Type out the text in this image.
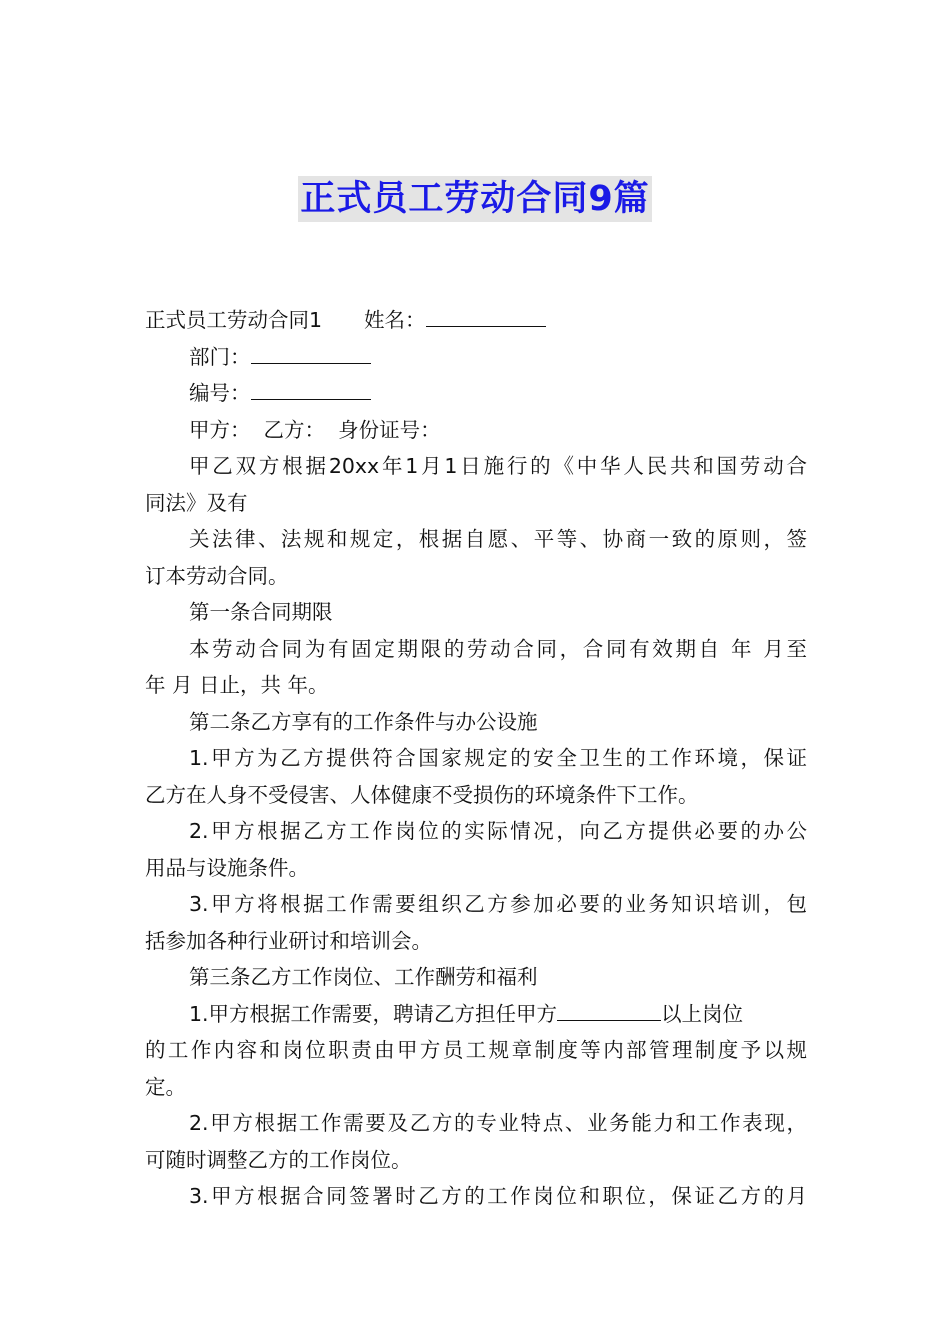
正式员工劳动合同9篇
正式员工劳动合同1 姓名：
部门：
编号：
甲方：  乙方：  身份证号：
甲乙双方根据20xx年1月1日施行的《中华人民共和国劳动合
同法》及有
关法律、法规和规定，根据自愿、平等、协商一致的原则，签
订本劳动合同。
第一条合同期限
本劳动合同为有固定期限的劳动合同，合同有效期自 年 月至
年 月 日止，共 年。
第二条乙方享有的工作条件与办公设施
1.甲方为乙方提供符合国家规定的安全卫生的工作环境，保证
乙方在人身不受侵害、人体健康不受损伤的环境条件下工作。
2.甲方根据乙方工作岗位的实际情况，向乙方提供必要的办公
用品与设施条件。
3.甲方将根据工作需要组织乙方参加必要的业务知识培训，包
括参加各种行业研讨和培训会。
第三条乙方工作岗位、工作酬劳和福利
1.甲方根据工作需要，聘请乙方担任甲方	以上岗位
的工作内容和岗位职责由甲方员工规章制度等内部管理制度予以规
定。
2.甲方根据工作需要及乙方的专业特点、业务能力和工作表现，
可随时调整乙方的工作岗位。
3.甲方根据合同签署时乙方的工作岗位和职位，保证乙方的月
